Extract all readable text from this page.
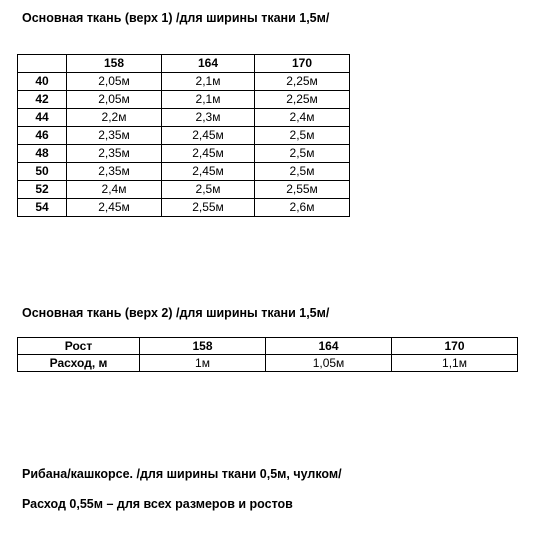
Основная ткань (верх 1) /для ширины ткани 1,5м/
	158	164	170
40	2,05м	2,1м	2,25м
42	2,05м	2,1м	2,25м
44	2,2м	2,3м	2,4м
46	2,35м	2,45м	2,5м
48	2,35м	2,45м	2,5м
50	2,35м	2,45м	2,5м
52	2,4м	2,5м	2,55м
54	2,45м	2,55м	2,6м
Основная ткань (верх 2) /для ширины ткани 1,5м/
Рост	158	164	170
Расход, м	1м	1,05м	1,1м
Рибана/кашкорсе. /для ширины ткани 0,5м, чулком/
Расход 0,55м – для всех размеров и ростов
